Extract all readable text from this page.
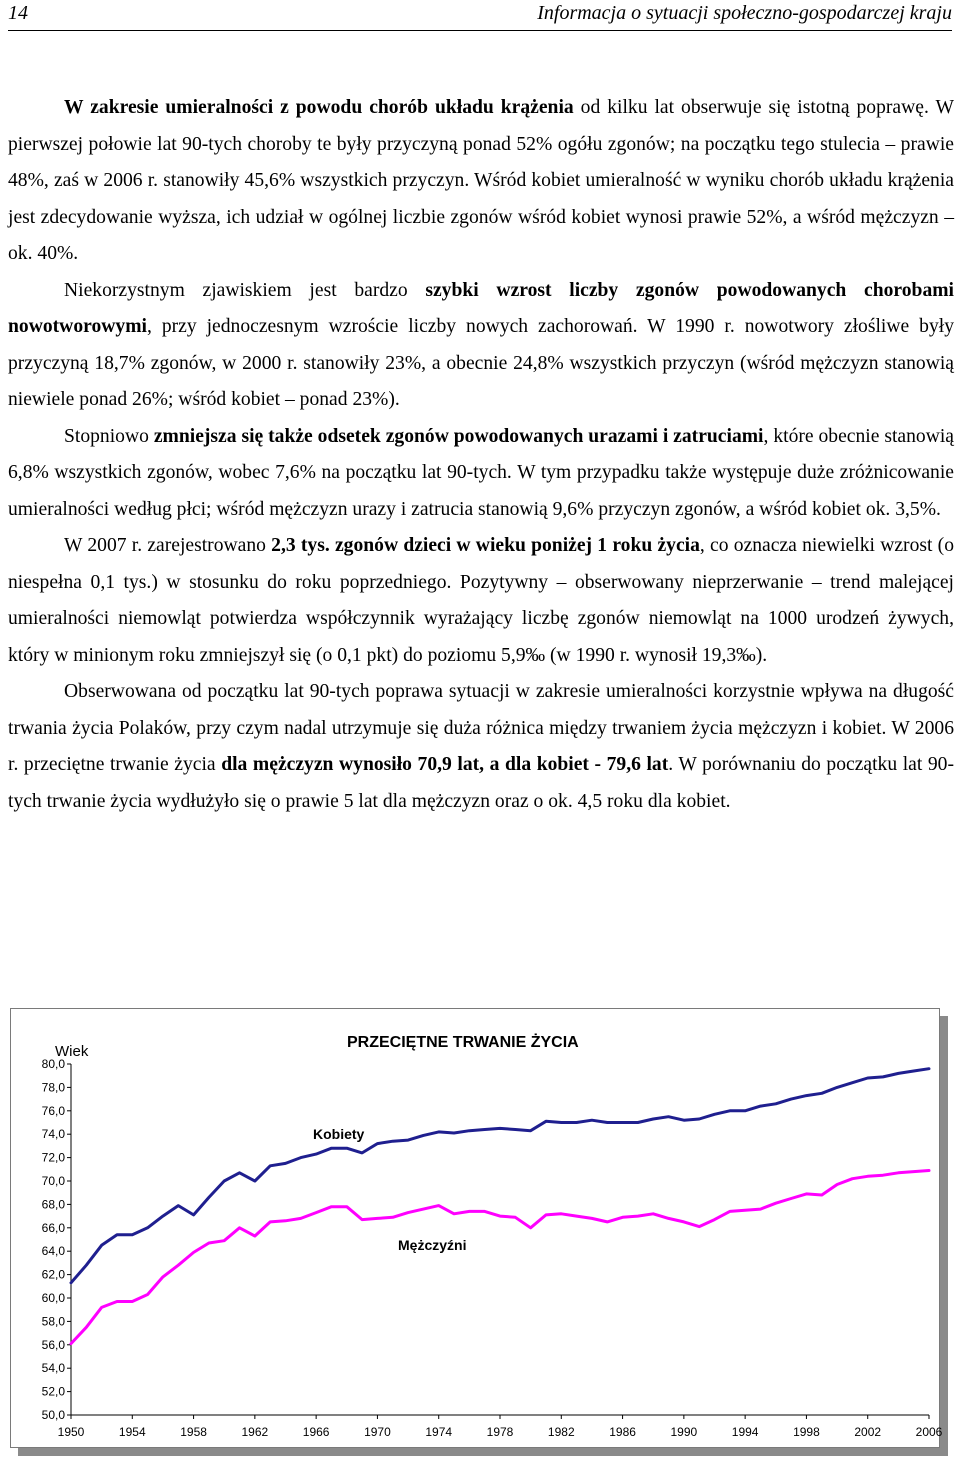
14	Informacja o sytuacji społeczno-gospodarczej kraju

W zakresie umieralności z powodu chorób układu krążenia od kilku lat obserwuje się istotną poprawę. W pierwszej połowie lat 90-tych choroby te były przyczyną ponad 52% ogółu zgonów; na początku tego stulecia – prawie 48%, zaś w 2006 r. stanowiły 45,6% wszystkich przyczyn. Wśród kobiet umieralność w wyniku chorób układu krążenia jest zdecydowanie wyższa, ich udział w ogólnej liczbie zgonów wśród kobiet wynosi prawie 52%, a wśród mężczyzn – ok. 40%.

Niekorzystnym zjawiskiem jest bardzo szybki wzrost liczby zgonów powodowanych chorobami nowotworowymi, przy jednoczesnym wzroście liczby nowych zachorowań. W 1990 r. nowotwory złośliwe były przyczyną 18,7% zgonów, w 2000 r. stanowiły 23%, a obecnie 24,8% wszystkich przyczyn (wśród mężczyzn stanowią niewiele ponad 26%; wśród kobiet – ponad 23%).

Stopniowo zmniejsza się także odsetek zgonów powodowanych urazami i zatruciami, które obecnie stanowią 6,8% wszystkich zgonów, wobec 7,6% na początku lat 90-tych. W tym przypadku także występuje duże zróżnicowanie umieralności według płci; wśród mężczyzn urazy i zatrucia stanowią 9,6% przyczyn zgonów, a wśród kobiet ok. 3,5%.

W 2007 r. zarejestrowano 2,3 tys. zgonów dzieci w wieku poniżej 1 roku życia, co oznacza niewielki wzrost (o niespełna 0,1 tys.) w stosunku do roku poprzedniego. Pozytywny – obserwowany nieprzerwanie – trend malejącej umieralności niemowląt potwierdza współczynnik wyrażający liczbę zgonów niemowląt na 1000 urodzeń żywych, który w minionym roku zmniejszył się (o 0,1 pkt) do poziomu 5,9‰ (w 1990 r. wynosił 19,3‰).

Obserwowana od początku lat 90-tych poprawa sytuacji w zakresie umieralności korzystnie wpływa na długość trwania życia Polaków, przy czym nadal utrzymuje się duża różnica między trwaniem życia mężczyzn i kobiet. W 2006 r. przeciętne trwanie życia dla mężczyzn wynosiło 70,9 lat, a dla kobiet - 79,6 lat. W porównaniu do początku lat 90-tych trwanie życia wydłużyło się o prawie 5 lat dla mężczyzn oraz o ok. 4,5 roku dla kobiet.

Wiek
PRZECIĘTNE TRWANIE ŻYCIA
Kobiety
Mężczyźni
80,0
78,0
76,0
74,0
72,0
70,0
68,0
66,0
64,0
62,0
60,0
58,0
56,0
54,0
52,0
50,0
1950	1954	1958	1962	1966	1970	1974	1978	1982	1986	1990	1994	1998	2002	2006
